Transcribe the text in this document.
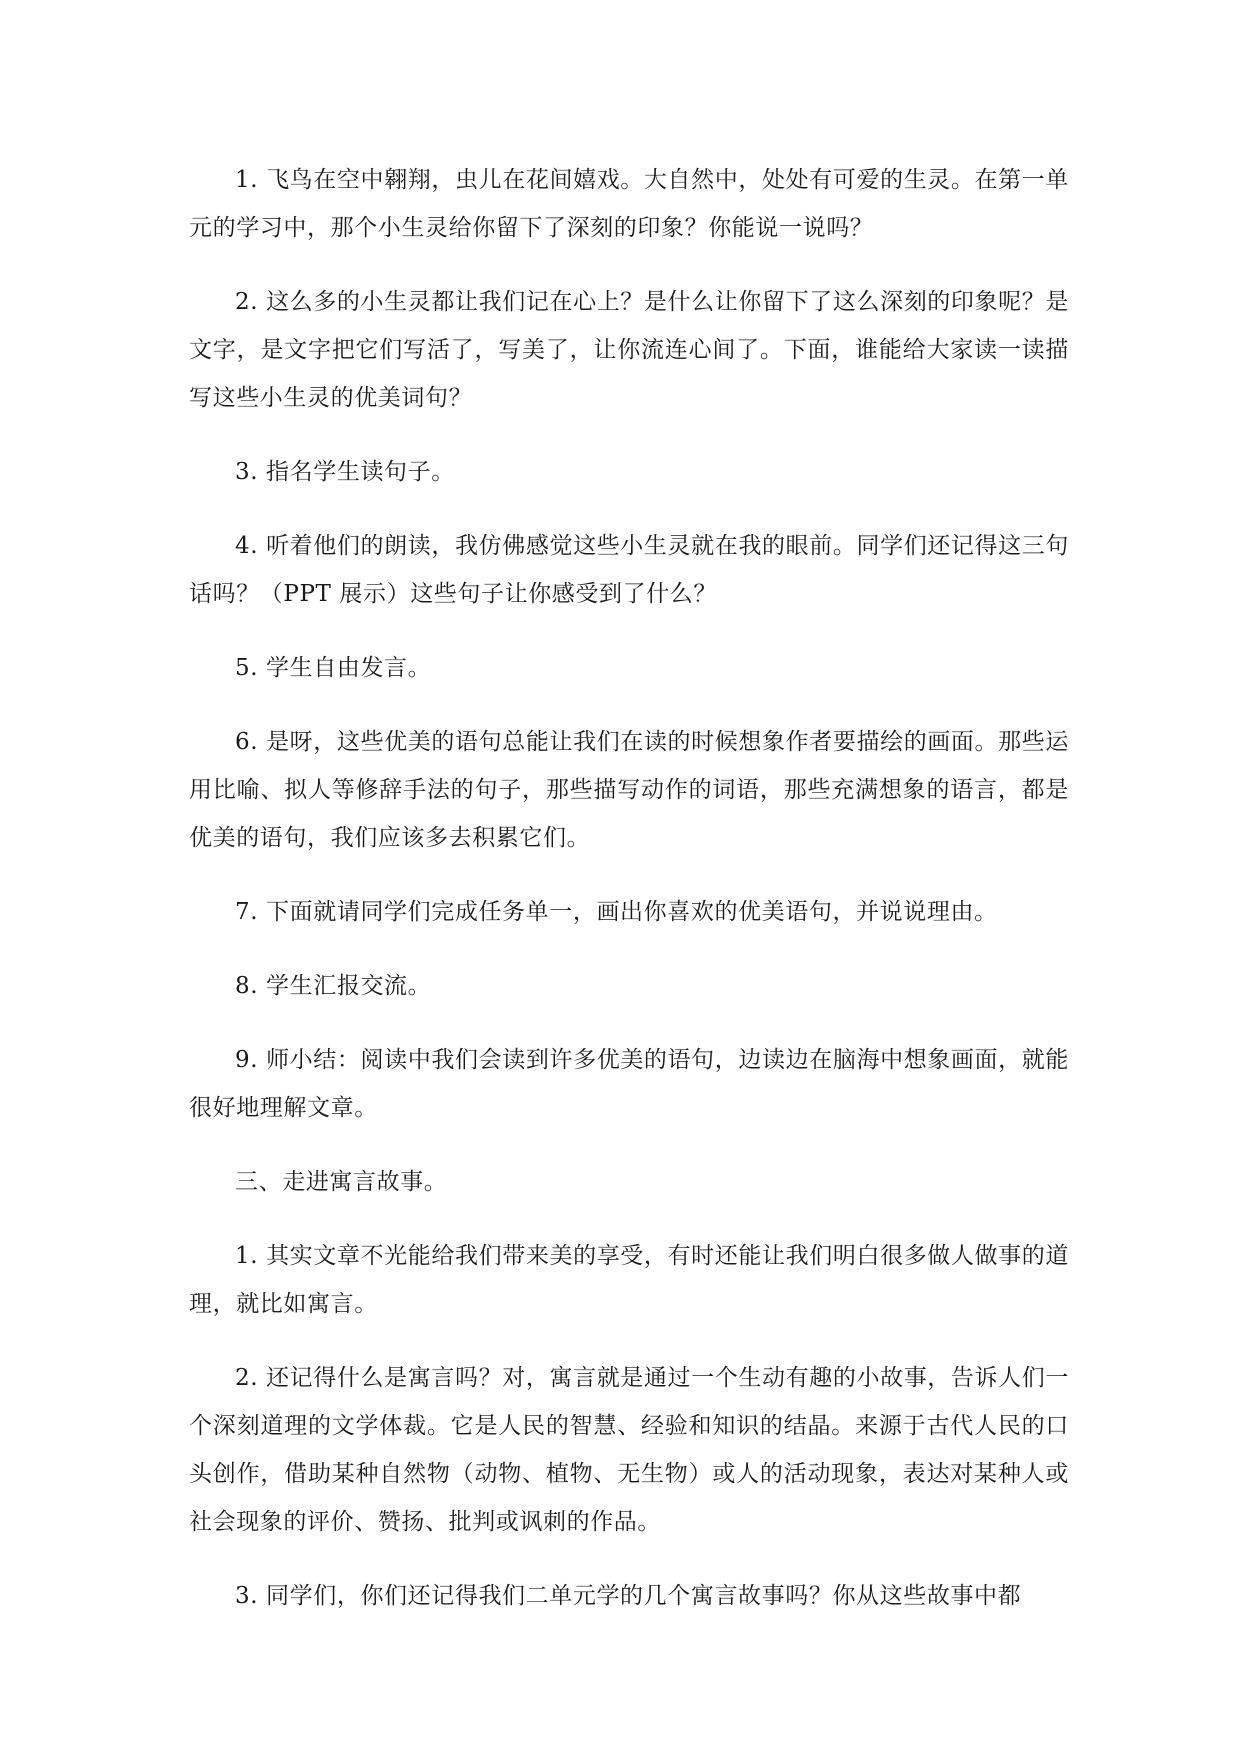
1. 飞鸟在空中翱翔，虫儿在花间嬉戏。大自然中，处处有可爱的生灵。在第一单元的学习中，那个小生灵给你留下了深刻的印象？你能说一说吗？

2. 这么多的小生灵都让我们记在心上？是什么让你留下了这么深刻的印象呢？是文字，是文字把它们写活了，写美了，让你流连心间了。下面，谁能给大家读一读描写这些小生灵的优美词句？

3. 指名学生读句子。

4. 听着他们的朗读，我仿佛感觉这些小生灵就在我的眼前。同学们还记得这三句话吗？（PPT 展示）这些句子让你感受到了什么？

5. 学生自由发言。

6. 是呀，这些优美的语句总能让我们在读的时候想象作者要描绘的画面。那些运用比喻、拟人等修辞手法的句子，那些描写动作的词语，那些充满想象的语言，都是优美的语句，我们应该多去积累它们。

7. 下面就请同学们完成任务单一，画出你喜欢的优美语句，并说说理由。

8. 学生汇报交流。

9. 师小结：阅读中我们会读到许多优美的语句，边读边在脑海中想象画面，就能很好地理解文章。

三、走进寓言故事。

1. 其实文章不光能给我们带来美的享受，有时还能让我们明白很多做人做事的道理，就比如寓言。

2. 还记得什么是寓言吗？对，寓言就是通过一个生动有趣的小故事，告诉人们一个深刻道理的文学体裁。它是人民的智慧、经验和知识的结晶。来源于古代人民的口头创作，借助某种自然物（动物、植物、无生物）或人的活动现象，表达对某种人或社会现象的评价、赞扬、批判或讽刺的作品。

3. 同学们，你们还记得我们二单元学的几个寓言故事吗？你从这些故事中都
